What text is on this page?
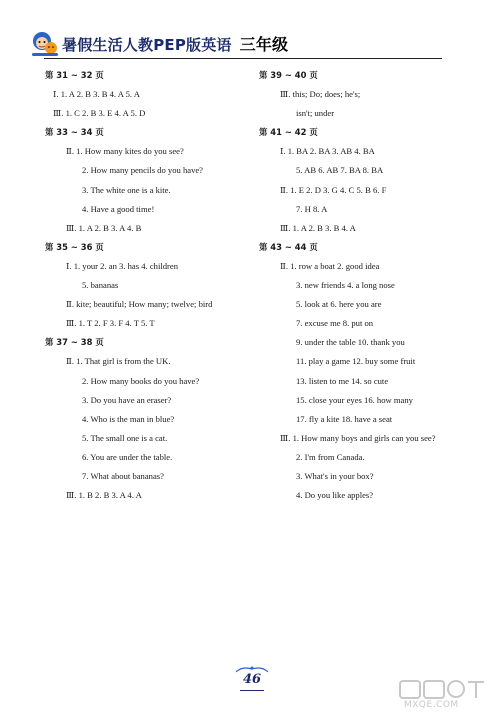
暑假生活人教PEP版英语 三年级
第 31 ~ 32 页
Ⅰ. 1. A 2. B 3. B 4. A 5. A
Ⅲ. 1. C 2. B 3. E 4. A 5. D
第 33 ~ 34 页
Ⅱ. 1. How many kites do you see?
2. How many pencils do you have?
3. The white one is a kite.
4. Have a good time!
Ⅲ. 1. A 2. B 3. A 4. B
第 35 ~ 36 页
Ⅰ. 1. your 2. an 3. has 4. children
5. bananas
Ⅱ. kite; beautiful; How many; twelve; bird
Ⅲ. 1. T 2. F 3. F 4. T 5. T
第 37 ~ 38 页
Ⅱ. 1. That girl is from the UK.
2. How many books do you have?
3. Do you have an eraser?
4. Who is the man in blue?
5. The small one is a cat.
6. You are under the table.
7. What about bananas?
Ⅲ. 1. B 2. B 3. A 4. A
第 39 ~ 40 页
Ⅲ. this; Do; does; he's;
isn't; under
第 41 ~ 42 页
Ⅰ. 1. BA 2. BA 3. AB 4. BA
5. AB 6. AB 7. BA 8. BA
Ⅱ. 1. E 2. D 3. G 4. C 5. B 6. F
7. H 8. A
Ⅲ. 1. A 2. B 3. B 4. A
第 43 ~ 44 页
Ⅱ. 1. row a boat 2. good idea
3. new friends 4. a long nose
5. look at 6. here you are
7. excuse me 8. put on
9. under the table 10. thank you
11. play a game 12. buy some fruit
13. listen to me 14. so cute
15. close your eyes 16. how many
17. fly a kite 18. have a seat
Ⅲ. 1. How many boys and girls can you see?
2. I'm from Canada.
3. What's in your box?
4. Do you like apples?
46
MXQE.COM
